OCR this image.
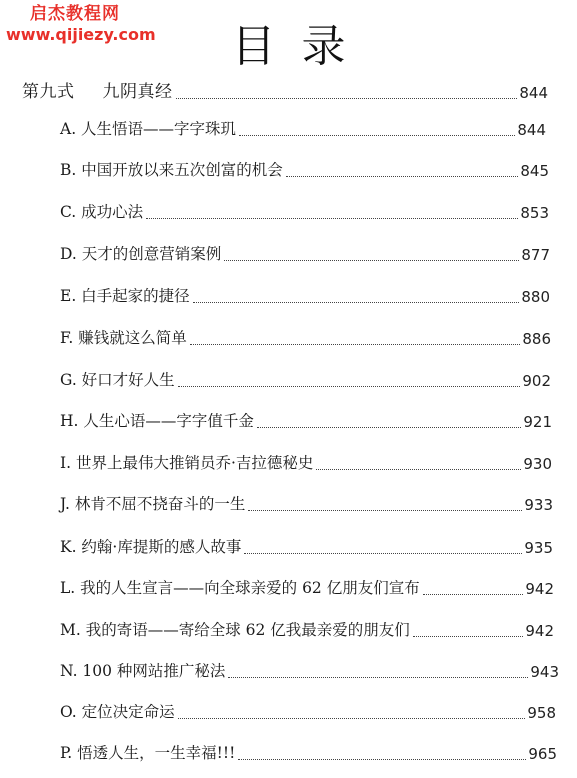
启杰教程网
www.qijiezy.com	目录
第九式 九阴真经	844
A. 人生悟语——字字珠玑	844
B. 中国开放以来五次创富的机会	845
C. 成功心法	853
D. 天才的创意营销案例	877
E. 白手起家的捷径	880
F. 赚钱就这么简单	886
G. 好口才好人生	902
H. 人生心语——字字值千金	921
I. 世界上最伟大推销员乔·吉拉德秘史	930
J. 林肯不屈不挠奋斗的一生	933
K. 约翰·库提斯的感人故事	935
L. 我的人生宣言——向全球亲爱的 62 亿朋友们宣布	942
M. 我的寄语——寄给全球 62 亿我最亲爱的朋友们	942
N. 100 种网站推广秘法	943
O. 定位决定命运	958
P. 悟透人生，一生幸福!!!	965
